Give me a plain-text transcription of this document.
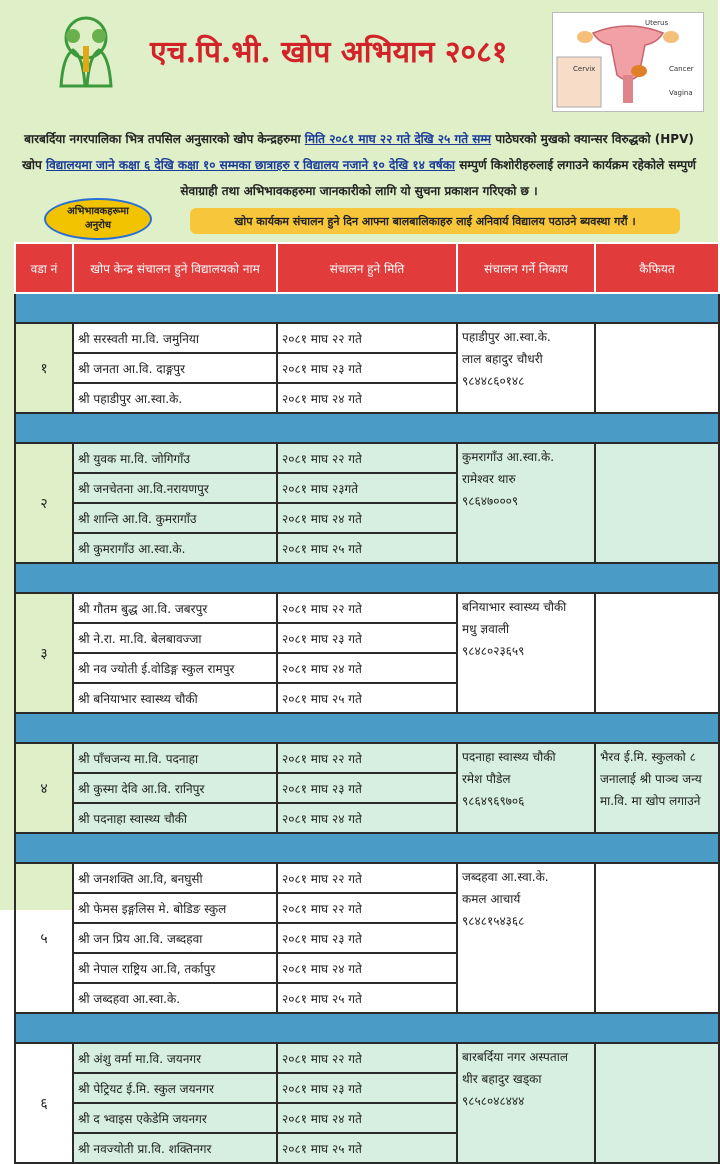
एच.पि.भी. खोप अभियान २०८१
Uterus
Cervix	Cancer
Vagina
बारबर्दिया नगरपालिका भित्र तपसिल अनुसारको खोप केन्द्रहरुमा मिति २०८१ माघ २२ गते देखि २५ गते सम्म पाठेघरको मुखको क्यान्सर विरुद्धको (HPV) खोप विद्यालयमा जाने कक्षा ६ देखि कक्षा १० सम्मका छात्राहरु र विद्यालय नजाने १० देखि १४ वर्षका सम्पुर्ण किशोरीहरुलाई लगाउने कार्यक्रम रहेकोले सम्पुर्ण सेवाग्राही तथा अभिभावकहरुमा जानकारीको लागि यो सुचना प्रकाशन गरिएको छ ।
अभिभावकहरूमा
अनुरोध	खोप कार्यकम संचालन हुने दिन आफ्ना बालबालिकाहरु लाई अनिवार्य विद्यालय पठाउने ब्यवस्था गरौं ।
वडा नं	खोप केन्द्र संचालन हुने विद्यालयको नाम	संचालन हुने मिति	संचालन गर्ने निकाय	कैफियत

१	श्री सरस्वती मा.वि. जमुनिया	२०८१ माघ २२ गते	पहाडीपुर आ.स्वा.के.
लाल बहादुर चौधरी
९८४४८६०१४८	

	श्री जनता आ.वि. दाङ्गपुर	२०८१ माघ २३ गते		
	श्री पहाडीपुर आ.स्वा.के.	२०८१ माघ २४ गते		

२	श्री युवक मा.वि. जोगिगाँउ	२०८१ माघ २२ गते	कुमरागाँउ आ.स्वा.के.
रामेश्वर थारु
९८६४७०००९	

	श्री जनचेतना आ.वि.नरायणपुर	२०८१ माघ २३गते		
	श्री शान्ति आ.वि. कुमरागाँउ	२०८१ माघ २४ गते		
	श्री कुमरागाँउ आ.स्वा.के.	२०८१ माघ २५ गते		

३	श्री गौतम बुद्ध आ.वि. जबरपुर	२०८१ माघ २२ गते	बनियाभार स्वास्थ्य चौकी
मधु ज्ञवाली
९८४८०२३६५९	

	श्री ने.रा. मा.वि. बेलबावज्जा	२०८१ माघ २३ गते		
	श्री नव ज्योती ई.वोडिङ्ग स्कुल रामपुर	२०८१ माघ २४ गते		
	श्री बनियाभार स्वास्थ्य चौकी	२०८१ माघ २५ गते		

४	श्री पाँचजन्य मा.वि. पदनाहा	२०८१ माघ २२ गते	पदनाहा स्वास्थ्य चौकी
रमेश पौडेल
९८६४९६९७०६	भैरव ई.मि. स्कुलको ८ जनालाई श्री पाञ्च जन्य मा.वि. मा खोप लगाउने
	श्री कुस्मा देवि आ.वि. रानिपुर	२०८१ माघ २३ गते		
	श्री पदनाहा स्वास्थ्य चौकी	२०८१ माघ २४ गते		

५	श्री जनशक्ति आ.वि, बनघुसी	२०८१ माघ २२ गते	जब्दहवा आ.स्वा.के.
कमल आचार्य
९८४८१५४३६८	

	श्री फेमस इङ्गलिस मे. बोडिङ स्कुल	२०८१ माघ २२ गते		
	श्री जन प्रिय आ.वि. जब्दहवा	२०८१ माघ २३ गते		
	श्री नेपाल राष्ट्रिय आ.वि, तर्कापुर	२०८१ माघ २४ गते		
	श्री जब्दहवा आ.स्वा.के.	२०८१ माघ २५ गते		

६	श्री अंशु वर्मा मा.वि. जयनगर	२०८१ माघ २२ गते	बारबर्दिया नगर अस्पताल
थीर बहादुर खड्का
९८५८०४८४४४	

	श्री पेट्रियट ई.मि. स्कुल जयनगर	२०८१ माघ २३ गते		
	श्री द भ्वाइस एकेडेमि जयनगर	२०८१ माघ २४ गते		
	श्री नवज्योती प्रा.वि. शक्तिनगर	२०८१ माघ २५ गते		
